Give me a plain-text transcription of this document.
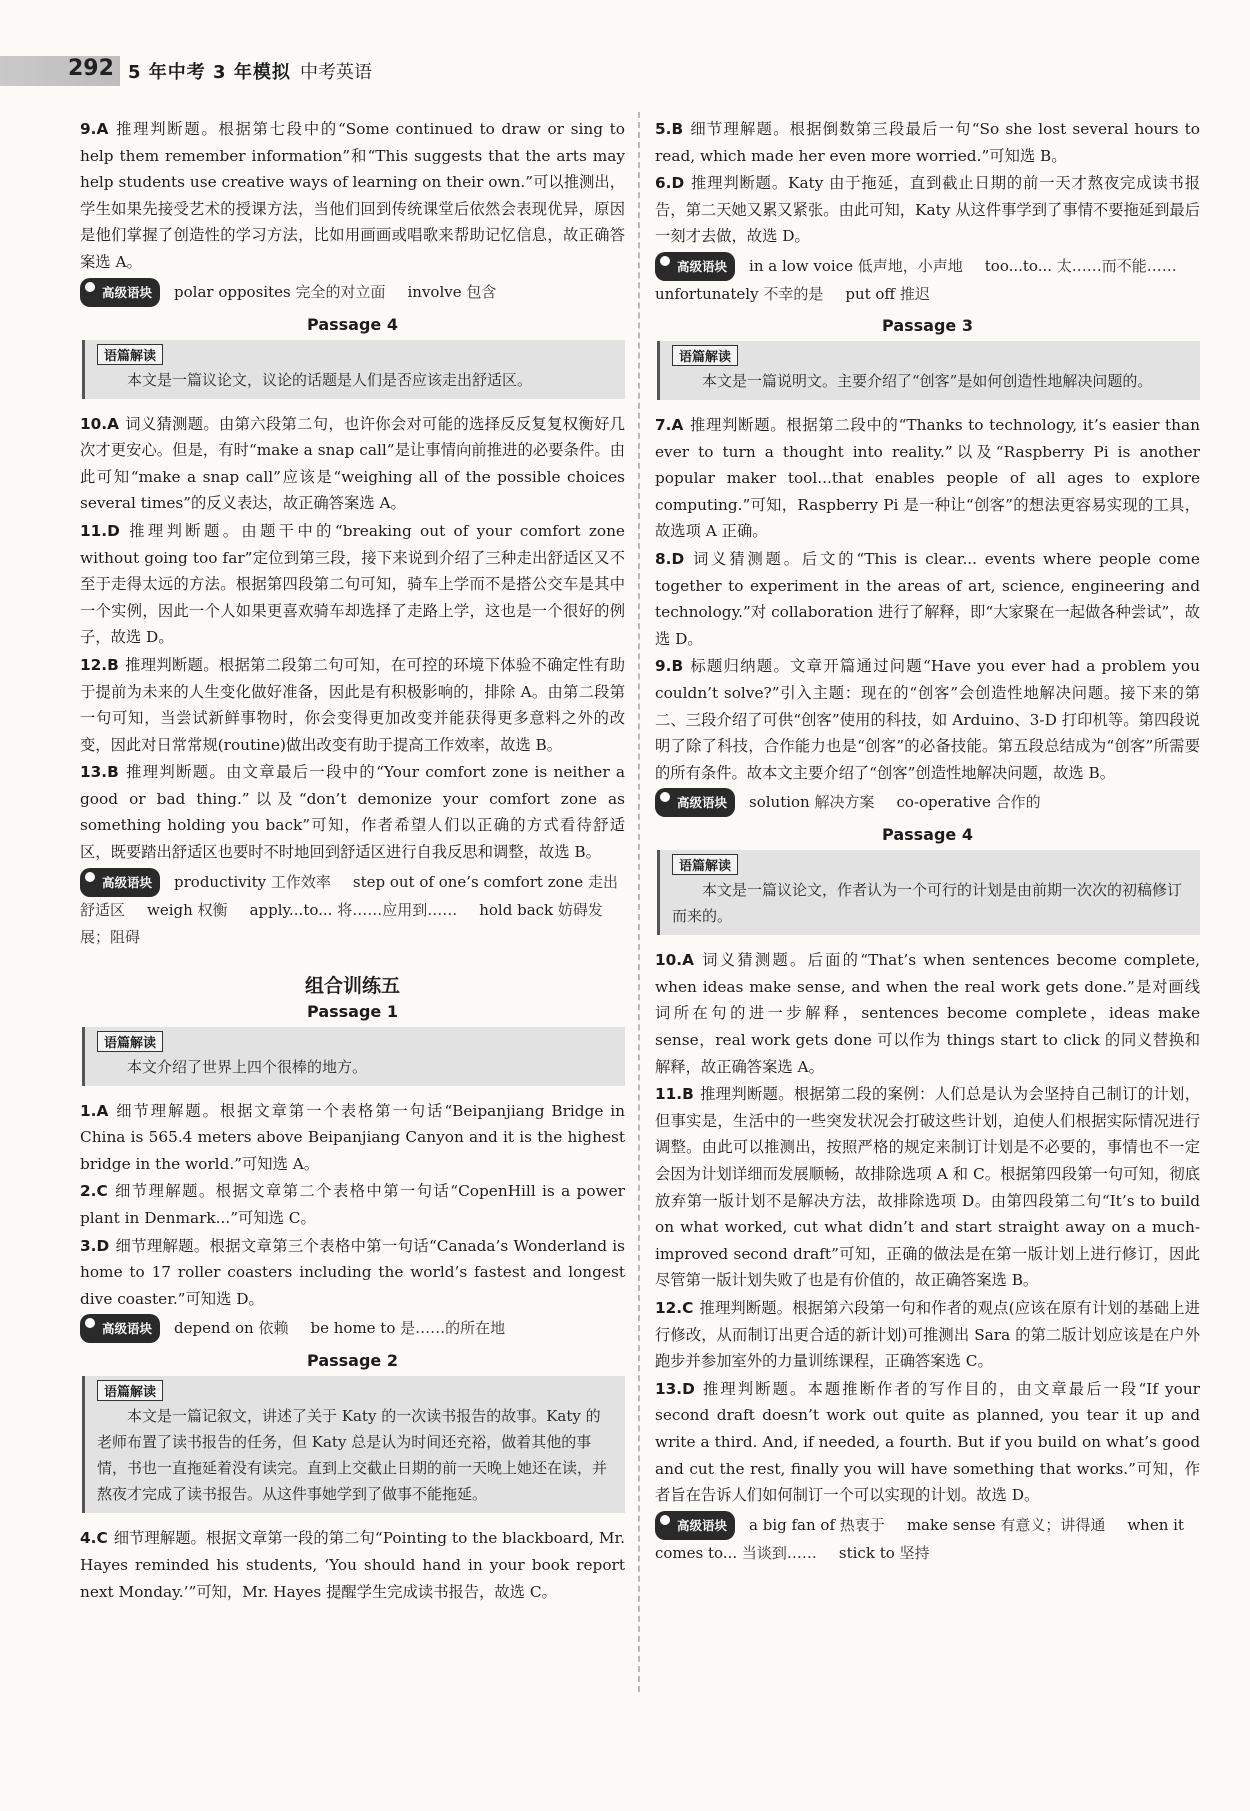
292 5 年中考 3 年模拟 中考英语

9.A 推理判断题。根据第七段中的“Some continued to draw or sing to help them remember information”和“This suggests that the arts may help students use creative ways of learning on their own.”可以推测出，学生如果先接受艺术的授课方法，当他们回到传统课堂后依然会表现优异，原因是他们掌握了创造性的学习方法，比如用画画或唱歌来帮助记忆信息，故正确答案选 A。

高级语块 polar opposites 完全的对立面 involve 包含
Passage 4
语篇解读
本文是一篇议论文，议论的话题是人们是否应该走出舒适区。

10.A 词义猜测题。由第六段第二句，也许你会对可能的选择反反复复权衡好几次才更安心。但是，有时“make a snap call”是让事情向前推进的必要条件。由此可知“make a snap call”应该是“weighing all of the possible choices several times”的反义表达，故正确答案选 A。

11.D 推理判断题。由题干中的“breaking out of your comfort zone without going too far”定位到第三段，接下来说到介绍了三种走出舒适区又不至于走得太远的方法。根据第四段第二句可知，骑车上学而不是搭公交车是其中一个实例，因此一个人如果更喜欢骑车却选择了走路上学，这也是一个很好的例子，故选 D。

12.B 推理判断题。根据第二段第二句可知，在可控的环境下体验不确定性有助于提前为未来的人生变化做好准备，因此是有积极影响的，排除 A。由第二段第一句可知，当尝试新鲜事物时，你会变得更加改变并能获得更多意料之外的改变，因此对日常常规(routine)做出改变有助于提高工作效率，故选 B。

13.B 推理判断题。由文章最后一段中的“Your comfort zone is neither a good or bad thing.”以及“don’t demonize your comfort zone as something holding you back”可知，作者希望人们以正确的方式看待舒适区，既要踏出舒适区也要时不时地回到舒适区进行自我反思和调整，故选 B。

高级语块 productivity 工作效率 step out of one’s comfort zone 走出舒适区 weigh 权衡 apply...to... 将……应用到…… hold back 妨碍发展；阻碍
组合训练五
Passage 1
语篇解读
本文介绍了世界上四个很棒的地方。

1.A 细节理解题。根据文章第一个表格第一句话“Beipanjiang Bridge in China is 565.4 meters above Beipanjiang Canyon and it is the highest bridge in the world.”可知选 A。

2.C 细节理解题。根据文章第二个表格中第一句话“CopenHill is a power plant in Denmark...”可知选 C。

3.D 细节理解题。根据文章第三个表格中第一句话“Canada’s Wonderland is home to 17 roller coasters including the world’s fastest and longest dive coaster.”可知选 D。

高级语块 depend on 依赖 be home to 是……的所在地
Passage 2
语篇解读
本文是一篇记叙文，讲述了关于 Katy 的一次读书报告的故事。Katy 的老师布置了读书报告的任务，但 Katy 总是认为时间还充裕，做着其他的事情，书也一直拖延着没有读完。直到上交截止日期的前一天晚上她还在读，并熬夜才完成了读书报告。从这件事她学到了做事不能拖延。

4.C 细节理解题。根据文章第一段的第二句“Pointing to the blackboard, Mr. Hayes reminded his students, ‘You should hand in your book report next Monday.’”可知，Mr. Hayes 提醒学生完成读书报告，故选 C。

5.B 细节理解题。根据倒数第三段最后一句“So she lost several hours to read, which made her even more worried.”可知选 B。

6.D 推理判断题。Katy 由于拖延，直到截止日期的前一天才熬夜完成读书报告，第二天她又累又紧张。由此可知，Katy 从这件事学到了事情不要拖延到最后一刻才去做，故选 D。

高级语块 in a low voice 低声地，小声地 too...to... 太……而不能……unfortunately 不幸的是 put off 推迟
Passage 3
语篇解读
本文是一篇说明文。主要介绍了“创客”是如何创造性地解决问题的。

7.A 推理判断题。根据第二段中的“Thanks to technology, it’s easier than ever to turn a thought into reality.”以及“Raspberry Pi is another popular maker tool...that enables people of all ages to explore computing.”可知，Raspberry Pi 是一种让“创客”的想法更容易实现的工具，故选项 A 正确。

8.D 词义猜测题。后文的“This is clear... events where people come together to experiment in the areas of art, science, engineering and technology.”对 collaboration 进行了解释，即“大家聚在一起做各种尝试”，故选 D。

9.B 标题归纳题。文章开篇通过问题“Have you ever had a problem you couldn’t solve?”引入主题：现在的“创客”会创造性地解决问题。接下来的第二、三段介绍了可供“创客”使用的科技，如 Arduino、3-D 打印机等。第四段说明了除了科技，合作能力也是“创客”的必备技能。第五段总结成为“创客”所需要的所有条件。故本文主要介绍了“创客”创造性地解决问题，故选 B。

高级语块 solution 解决方案 co-operative 合作的
Passage 4
语篇解读
本文是一篇议论文，作者认为一个可行的计划是由前期一次次的初稿修订而来的。

10.A 词义猜测题。后面的“That’s when sentences become complete, when ideas make sense, and when the real work gets done.”是对画线词所在句的进一步解释，sentences become complete，ideas make sense，real work gets done 可以作为 things start to click 的同义替换和解释，故正确答案选 A。

11.B 推理判断题。根据第二段的案例：人们总是认为会坚持自己制订的计划，但事实是，生活中的一些突发状况会打破这些计划，迫使人们根据实际情况进行调整。由此可以推测出，按照严格的规定来制订计划是不必要的，事情也不一定会因为计划详细而发展顺畅，故排除选项 A 和 C。根据第四段第一句可知，彻底放弃第一版计划不是解决方法，故排除选项 D。由第四段第二句“It’s to build on what worked, cut what didn’t and start straight away on a much-improved second draft”可知，正确的做法是在第一版计划上进行修订，因此尽管第一版计划失败了也是有价值的，故正确答案选 B。

12.C 推理判断题。根据第六段第一句和作者的观点(应该在原有计划的基础上进行修改，从而制订出更合适的新计划)可推测出 Sara 的第二版计划应该是在户外跑步并参加室外的力量训练课程，正确答案选 C。

13.D 推理判断题。本题推断作者的写作目的，由文章最后一段“If your second draft doesn’t work out quite as planned, you tear it up and write a third. And, if needed, a fourth. But if you build on what’s good and cut the rest, finally you will have something that works.”可知，作者旨在告诉人们如何制订一个可以实现的计划。故选 D。

高级语块 a big fan of 热衷于 make sense 有意义；讲得通 when it comes to... 当谈到…… stick to 坚持
